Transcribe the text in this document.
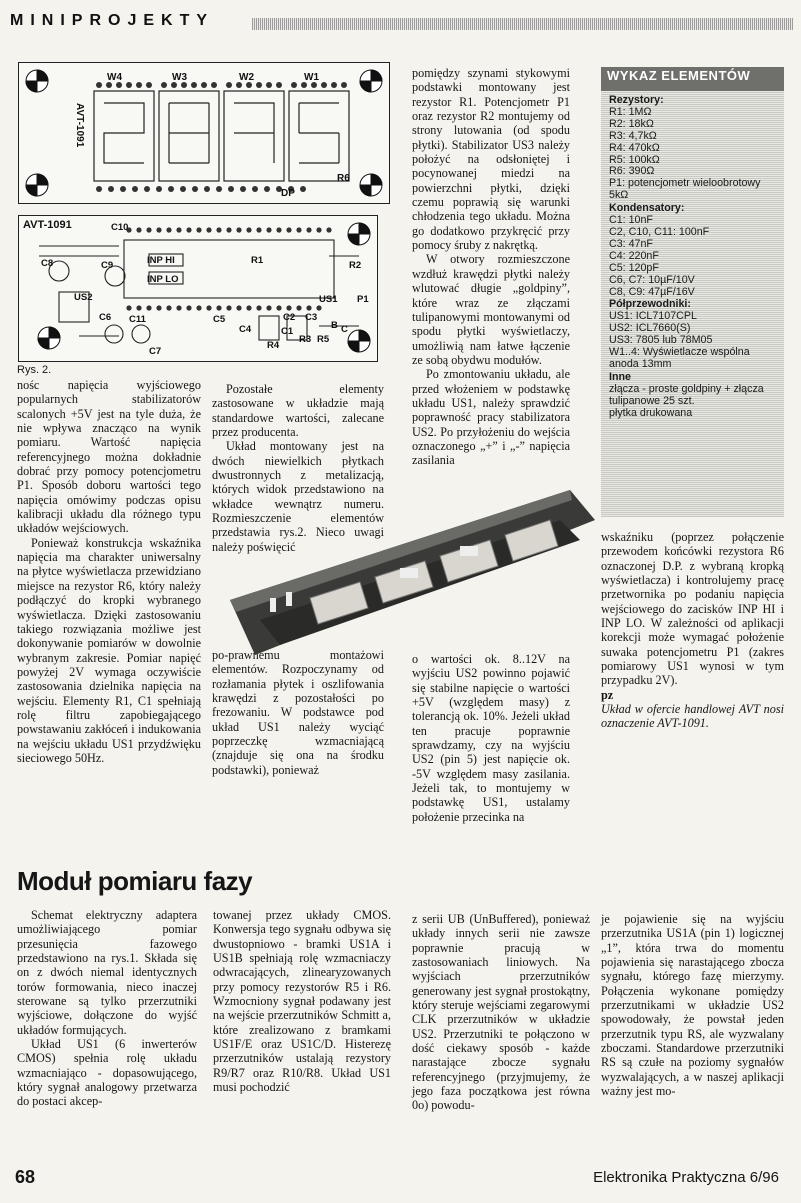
MINIPROJEKTY
W4	W3	W2	W1
AVT-1091
DP
R6
AVT-1091	C10
C8	C9	INP HI
INP LO
R1	R2
US2	US1 P1
C11
C6	C5
C4
C2 C3
C1
R3 R5
B C
R4
C7
Rys. 2.

nośc napięcia wyjściowego popularnych stabilizatorów scalonych +5V jest na tyle duża, że nie wpływa znacząco na wynik pomiaru. Wartość napięcia referencyjnego można dokładnie dobrać przy pomocy potencjometru P1. Sposób doboru wartości tego napięcia omówimy podczas opisu kalibracji układu dla różnego typu układów wejściowych.

Ponieważ konstrukcja wskaźnika napięcia ma charakter uniwersalny na płytce wyświetlacza przewidziano miejsce na rezystor R6, który należy podłączyć do kropki wybranego wyświetlacza. Dzięki zastosowaniu takiego rozwiązania możliwe jest dokonywanie pomiarów w dowolnie wybranym zakresie. Pomiar napięć powyżej 2V wymaga oczywiście zastosowania dzielnika napięcia na wejściu. Elementy R1, C1 spełniają rolę filtru zapobiegającego powstawaniu zakłóceń i indukowania na wejściu układu US1 przydźwięku sieciowego 50Hz.

Pozostałe elementy zastosowane w układzie mają standardowe wartości, zalecane przez producenta.

Układ montowany jest na dwóch niewielkich płytkach dwustronnych z metalizacją, których widok przedstawiono na wkładce wewnątrz numeru. Rozmieszczenie elementów przedstawia rys.2. Nieco uwagi należy poświęcić

po-prawnemu montażowi elementów. Rozpoczynamy od rozłamania płytek i oszlifowania krawędzi z pozostałości po frezowaniu. W podstawce pod układ US1 należy wyciąć poprzeczkę wzmacniającą (znajduje się ona na środku podstawki), ponieważ

pomiędzy szynami stykowymi podstawki montowany jest rezystor R1. Potencjometr P1 oraz rezystor R2 montujemy od strony lutowania (od spodu płytki). Stabilizator US3 należy położyć na odsłoniętej i pocynowanej miedzi na powierzchni płytki, dzięki czemu poprawią się warunki chłodzenia tego układu. Można go dodatkowo przykręcić przy pomocy śruby z nakrętką.

W otwory rozmieszczone wzdłuż krawędzi płytki należy wlutować długie „goldpiny”, które wraz ze złączami tulipanowymi montowanymi od spodu płytki wyświetlaczy, umożliwią nam łatwe łączenie ze sobą obydwu modułów.

Po zmontowaniu układu, ale przed włożeniem w podstawkę układu US1, należy sprawdzić poprawność pracy stabilizatora US2. Po przyłożeniu do wejścia oznaczonego „+” i „-” napięcia zasilania

o wartości ok. 8..12V na wyjściu US2 powinno pojawić się stabilne napięcie o wartości +5V (względem masy) z tolerancją ok. 10%. Jeżeli układ ten pracuje poprawnie sprawdzamy, czy na wyjściu US2 (pin 5) jest napięcie ok. -5V względem masy zasilania. Jeżeli tak, to montujemy w podstawkę US1, ustalamy położenie przecinka na

WYKAZ ELEMENTÓW
Rezystory:
R1: 1MΩ
R2: 18kΩ
R3: 4,7kΩ
R4: 470kΩ
R5: 100kΩ
R6: 390Ω
P1: potencjometr wieloobrotowy 5kΩ
Kondensatory:
C1: 10nF
C2, C10, C11: 100nF
C3: 47nF
C4: 220nF
C5: 120pF
C6, C7: 10µF/10V
C8, C9: 47µF/16V
Półprzewodniki:
US1: ICL7107CPL
US2: ICL7660(S)
US3: 7805 lub 78M05
W1..4: Wyświetlacze wspólna anoda 13mm
Inne
złącza - proste goldpiny + złącza tulipanowe 25 szt.
płytka drukowana

wskaźniku (poprzez połączenie przewodem końcówki rezystora R6 oznaczonej D.P. z wybraną kropką wyświetlacza) i kontrolujemy pracę przetwornika po podaniu napięcia wejściowego do zacisków INP HI i INP LO. W zależności od aplikacji korekcji może wymagać położenie suwaka potencjometru P1 (zakres pomiarowy US1 wynosi w tym przypadku 2V).

pz

Układ w ofercie handlowej AVT nosi oznaczenie AVT-1091.

Moduł pomiaru fazy

Schemat elektryczny adaptera umożliwiającego pomiar przesunięcia fazowego przedstawiono na rys.1. Składa się on z dwóch niemal identycznych torów formowania, nieco inaczej sterowane są tylko przerzutniki wyjściowe, dołączone do wyjść układów formujących.

Układ US1 (6 inwerterów CMOS) spełnia rolę układu wzmacniająco - dopasowującego, który sygnał analogowy przetwarza do postaci akcep-

towanej przez układy CMOS. Konwersja tego sygnału odbywa się dwustopniowo - bramki US1A i US1B spełniają rolę wzmacniaczy odwracających, zlinearyzowanych przy pomocy rezystorów R5 i R6. Wzmocniony sygnał podawany jest na wejście przerzutników Schmitt a, które zrealizowano z bramkami US1F/E oraz US1C/D. Histerezę przerzutników ustalają rezystory R9/R7 oraz R10/R8. Układ US1 musi pochodzić

z serii UB (UnBuffered), ponieważ układy innych serii nie zawsze poprawnie pracują w zastosowaniach liniowych. Na wyjściach przerzutników generowany jest sygnał prostokątny, który steruje wejściami zegarowymi CLK przerzutników w układzie US2. Przerzutniki te połączono w dość ciekawy sposób - każde narastające zbocze sygnału referencyjnego (przyjmujemy, że jego faza początkowa jest równa 0o) powodu-

je pojawienie się na wyjściu przerzutnika US1A (pin 1) logicznej „1”, która trwa do momentu pojawienia się narastającego zbocza sygnału, którego fazę mierzymy. Połączenia wykonane pomiędzy przerzutnikami w układzie US2 spowodowały, że powstał jeden przerzutnik typu RS, ale wyzwalany zboczami. Standardowe przerzutniki RS są czułe na poziomy sygnałów wyzwalających, a w naszej aplikacji ważny jest mo-

68	Elektronika Praktyczna 6/96
